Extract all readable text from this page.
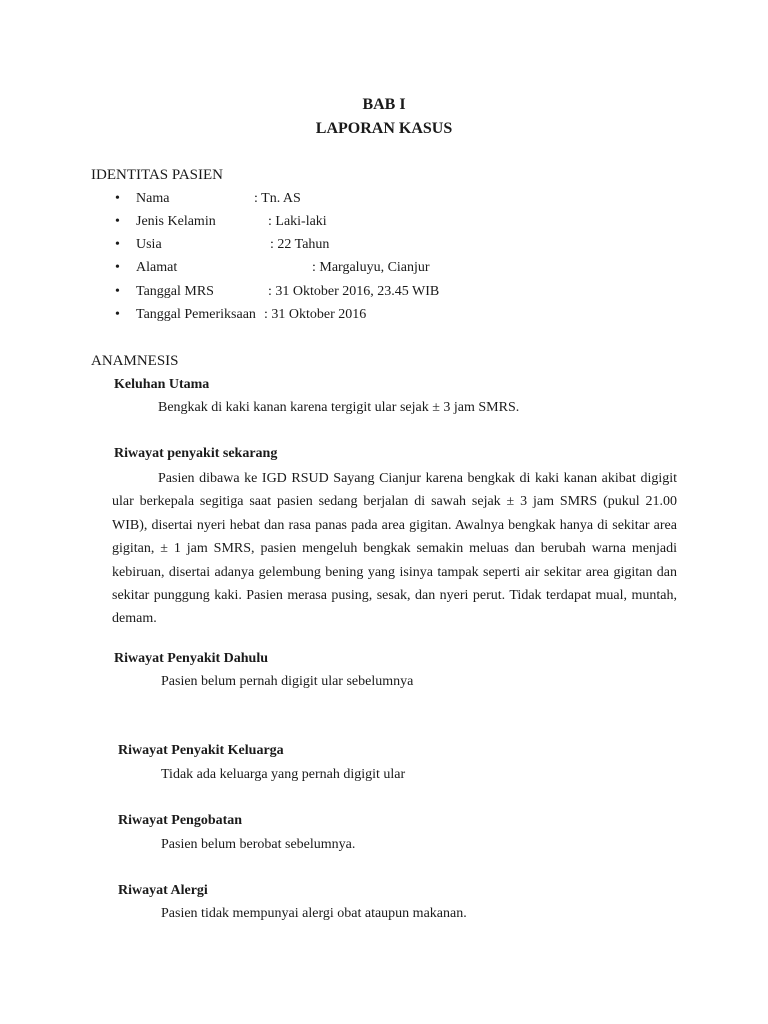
BAB I
LAPORAN KASUS
IDENTITAS PASIEN
• Nama	: Tn. AS
• Jenis Kelamin	: Laki-laki
• Usia	: 22 Tahun
• Alamat	: Margaluyu, Cianjur
• Tanggal MRS	: 31 Oktober 2016, 23.45 WIB
• Tanggal Pemeriksaan : 31 Oktober 2016
ANAMNESIS
Keluhan Utama
Bengkak di kaki kanan karena tergigit ular sejak ± 3 jam SMRS.
Riwayat penyakit sekarang
Pasien dibawa ke IGD RSUD Sayang Cianjur karena bengkak di kaki kanan akibat digigit ular berkepala segitiga saat pasien sedang berjalan di sawah sejak ± 3 jam SMRS (pukul 21.00 WIB), disertai nyeri hebat dan rasa panas pada area gigitan. Awalnya bengkak hanya di sekitar area gigitan, ± 1 jam SMRS, pasien mengeluh bengkak semakin meluas dan berubah warna menjadi kebiruan, disertai adanya gelembung bening yang isinya tampak seperti air sekitar area gigitan dan sekitar punggung kaki. Pasien merasa pusing, sesak, dan nyeri perut. Tidak terdapat mual, muntah, demam.
Riwayat Penyakit Dahulu
Pasien belum pernah digigit ular sebelumnya
Riwayat Penyakit Keluarga
Tidak ada keluarga yang pernah digigit ular
Riwayat Pengobatan
Pasien belum berobat sebelumnya.
Riwayat Alergi
Pasien tidak mempunyai alergi obat ataupun makanan.
